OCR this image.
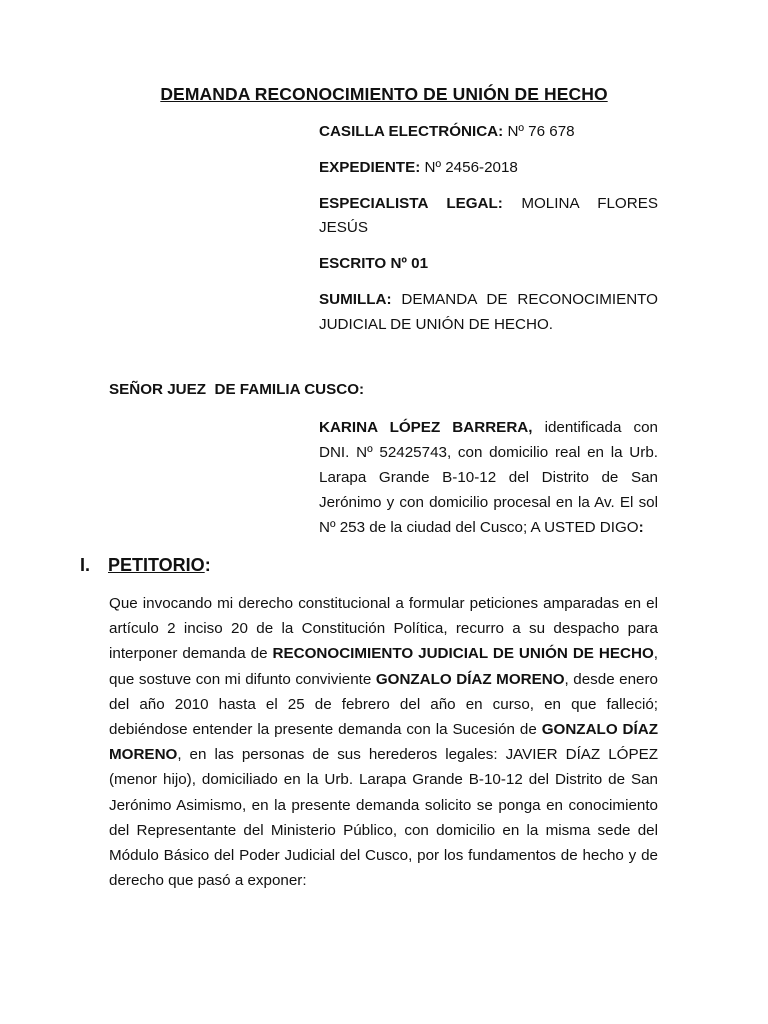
DEMANDA RECONOCIMIENTO DE UNIÓN DE HECHO
CASILLA ELECTRÓNICA: Nº 76 678
EXPEDIENTE: Nº 2456-2018
ESPECIALISTA LEGAL: MOLINA FLORES
JESÚS
ESCRITO Nº 01
SUMILLA: DEMANDA DE RECONOCIMIENTO JUDICIAL DE UNIÓN DE HECHO.
SEÑOR JUEZ  DE FAMILIA CUSCO:
KARINA LÓPEZ BARRERA, identificada con DNI. Nº 52425743, con domicilio real en la Urb. Larapa Grande B-10-12 del Distrito de San Jerónimo y con domicilio procesal en la Av. El sol Nº 253 de la ciudad del Cusco; A USTED DIGO:
I. PETITORIO:
Que invocando mi derecho constitucional a formular peticiones amparadas en el artículo 2 inciso 20 de la Constitución Política, recurro a su despacho para interponer demanda de RECONOCIMIENTO JUDICIAL DE UNIÓN DE HECHO, que sostuve con mi difunto conviviente GONZALO DÍAZ MORENO, desde enero del año 2010 hasta el 25 de febrero del año en curso, en que falleció; debiéndose entender la presente demanda con la Sucesión de GONZALO DÍAZ MORENO, en las personas de sus herederos legales: JAVIER DÍAZ LÓPEZ (menor hijo), domiciliado en la Urb. Larapa Grande B-10-12 del Distrito de San Jerónimo Asimismo, en la presente demanda solicito se ponga en conocimiento del Representante del Ministerio Público, con domicilio en la misma sede del Módulo Básico del Poder Judicial del Cusco, por los fundamentos de hecho y de derecho que pasó a exponer:
